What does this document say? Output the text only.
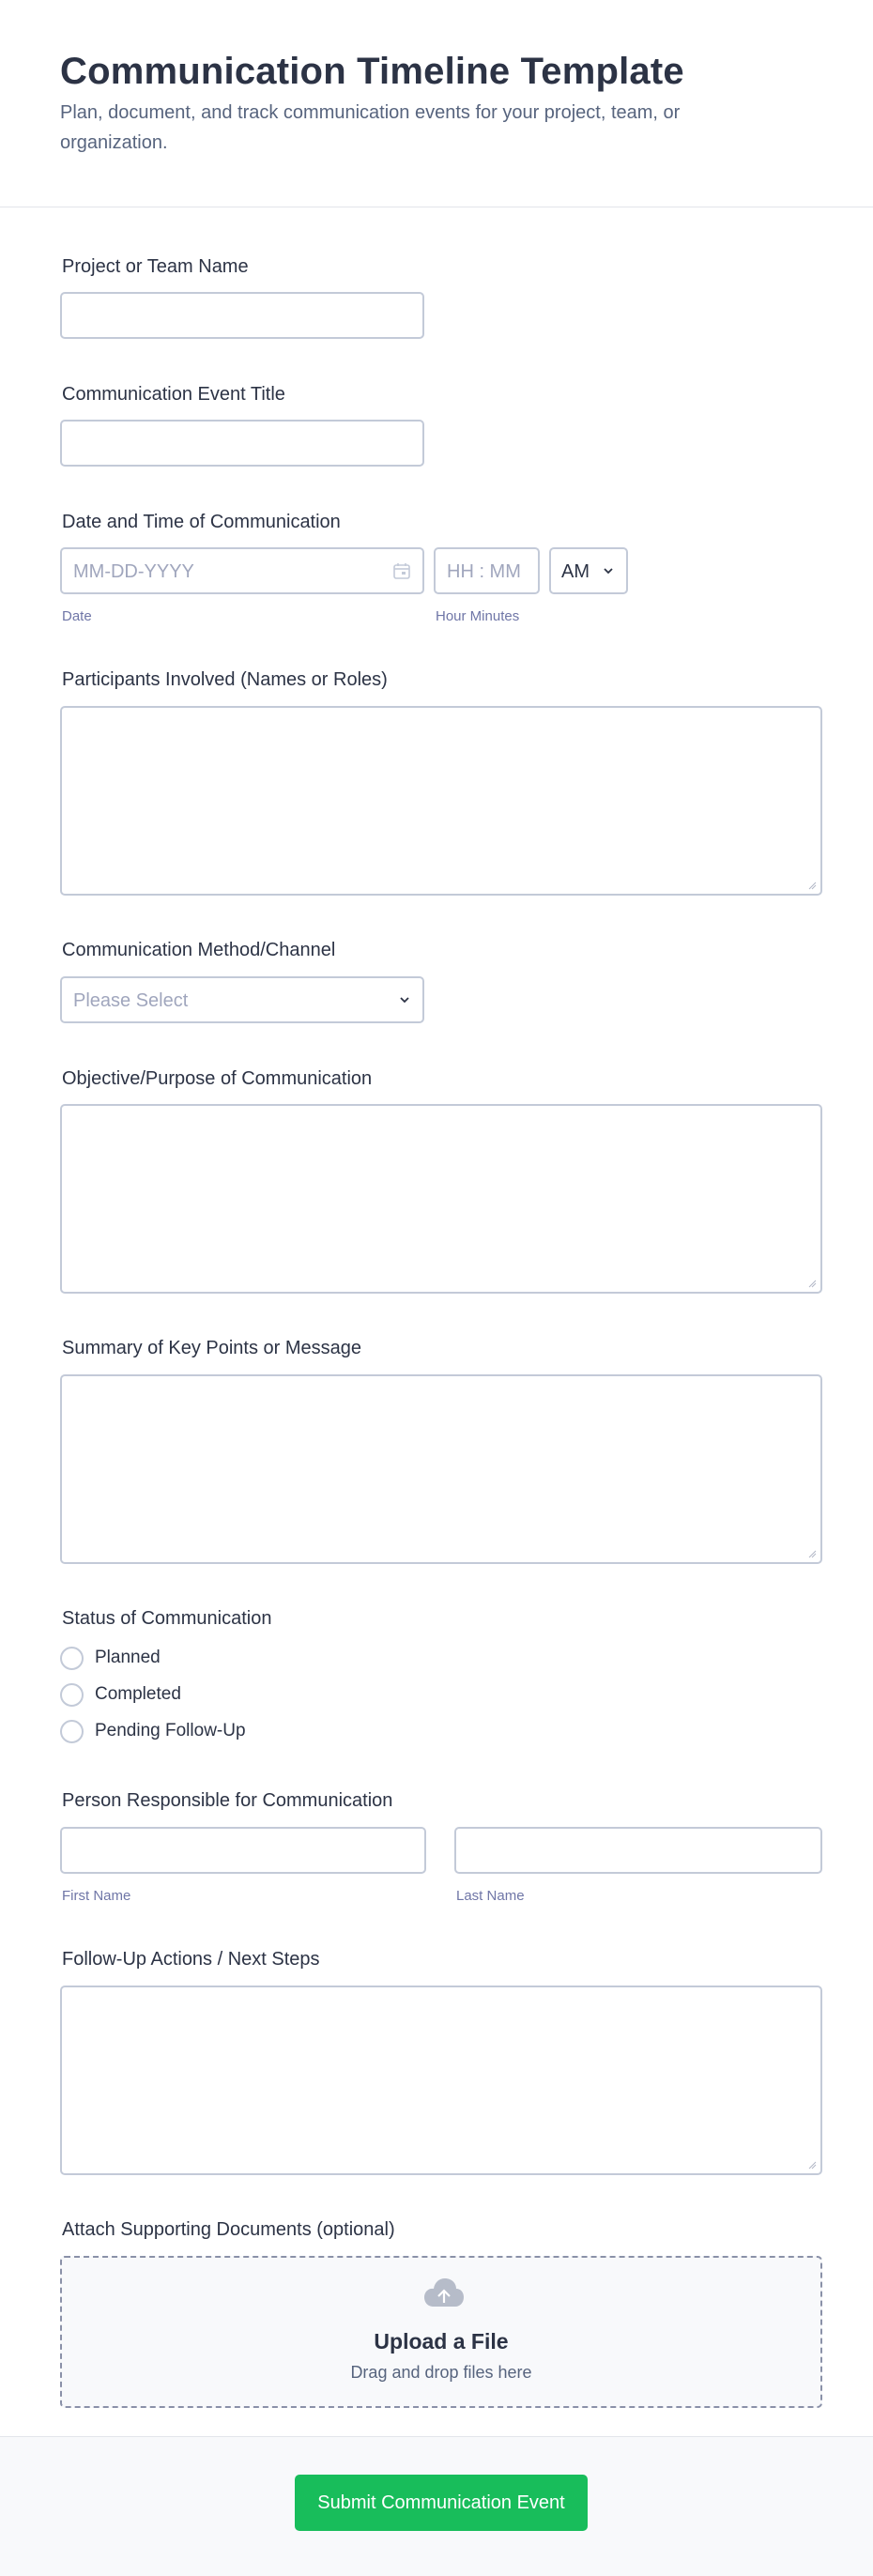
Communication Timeline Template

Plan, document, and track communication events for your project, team, or organization.

Project or Team Name
Communication Event Title
Date and Time of Communication
MM-DD-YYYY
Date
HH : MM
Hour Minutes
AM
Participants Involved (Names or Roles)
Communication Method/Channel
Please Select
Objective/Purpose of Communication
Summary of Key Points or Message
Status of Communication
Planned
Completed
Pending Follow-Up
Person Responsible for Communication
First Name	Last Name
Follow-Up Actions / Next Steps
Attach Supporting Documents (optional)
Upload a File
Drag and drop files here
Submit Communication Event
